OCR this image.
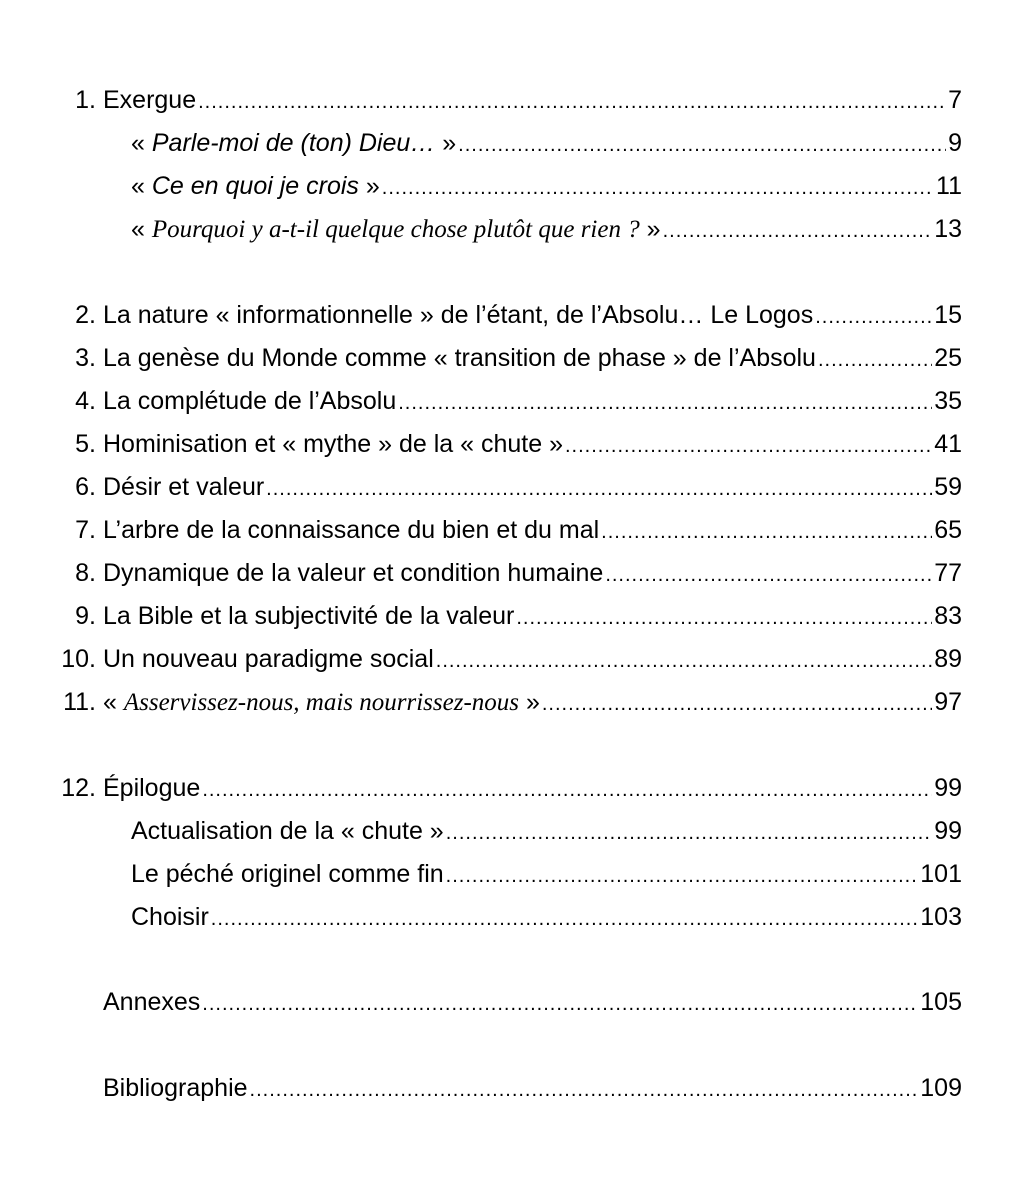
1. Exergue .....	7
« Parle-moi de (ton) Dieu… » .....	9
« Ce en quoi je crois » .....	11
« Pourquoi y a-t-il quelque chose plutôt que rien ? » .....	13
2. La nature « informationnelle » de l’étant, de l’Absolu… Le Logos .....	15
3. La genèse du Monde comme « transition de phase » de l’Absolu .....	25
4. La complétude de l’Absolu .....	35
5. Hominisation et « mythe » de la « chute » .....	41
6. Désir et valeur .....	59
7. L’arbre de la connaissance du bien et du mal .....	65
8. Dynamique de la valeur et condition humaine .....	77
9. La Bible et la subjectivité de la valeur .....	83
10. Un nouveau paradigme social .....	89
11. « Asservissez-nous, mais nourrissez-nous » .....	97
12. Épilogue .....	99
Actualisation de la « chute » .....	99
Le péché originel comme fin .....	101
Choisir .....	103
Annexes .....	105
Bibliographie .....	109
